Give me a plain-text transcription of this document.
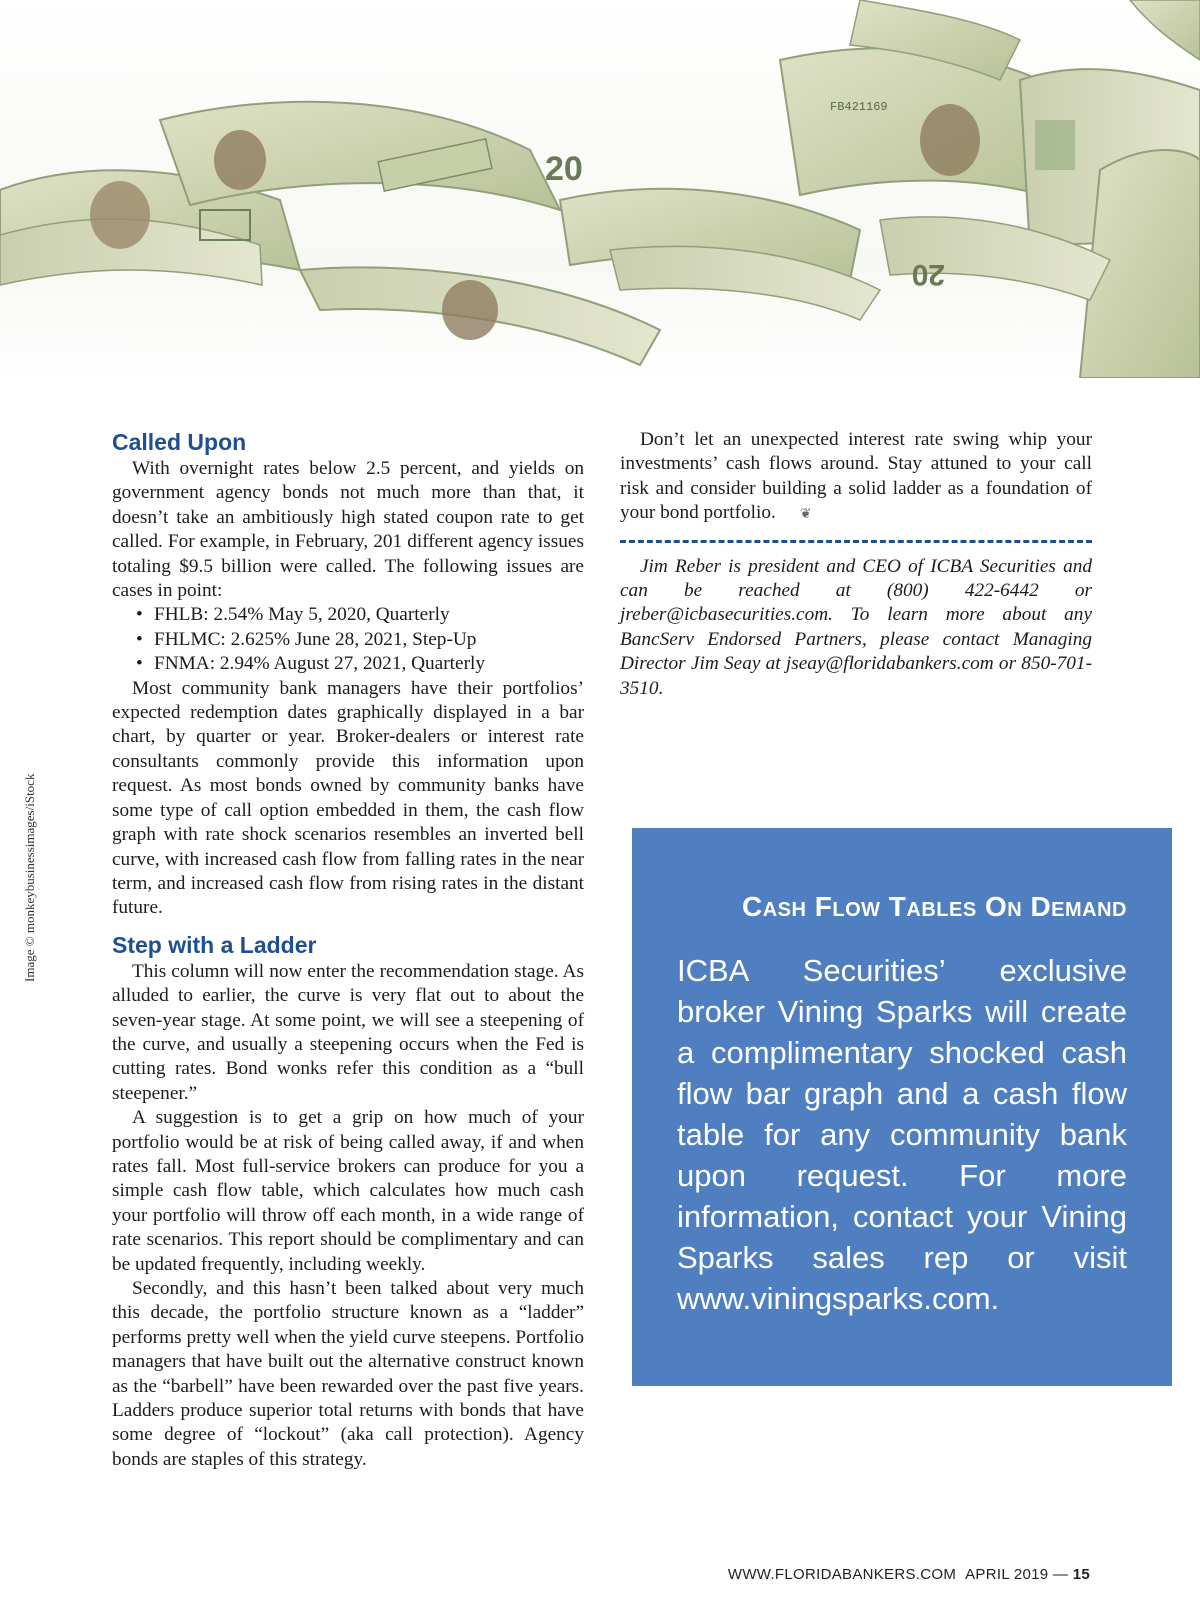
20
FB421169
20
Image © monkeybusinessimages/iStock
Called Upon

With overnight rates below 2.5 percent, and yields on government agency bonds not much more than that, it doesn’t take an ambitiously high stated coupon rate to get called. For example, in February, 201 different agency issues totaling $9.5 billion were called. The following issues are cases in point:

• FHLB: 2.54% May 5, 2020, Quarterly
• FHLMC: 2.625% June 28, 2021, Step-Up
• FNMA: 2.94% August 27, 2021, Quarterly

Most community bank managers have their portfolios’ expected redemption dates graphically displayed in a bar chart, by quarter or year. Broker-dealers or interest rate consultants commonly provide this information upon request. As most bonds owned by community banks have some type of call option embedded in them, the cash flow graph with rate shock scenarios resembles an inverted bell curve, with increased cash flow from falling rates in the near term, and increased cash flow from rising rates in the distant future.

Step with a Ladder

This column will now enter the recommendation stage. As alluded to earlier, the curve is very flat out to about the seven-year stage. At some point, we will see a steepening of the curve, and usually a steepening occurs when the Fed is cutting rates. Bond wonks refer this condition as a “bull steepener.”

A suggestion is to get a grip on how much of your portfolio would be at risk of being called away, if and when rates fall. Most full-service brokers can produce for you a simple cash flow table, which calculates how much cash your portfolio will throw off each month, in a wide range of rate scenarios. This report should be complimentary and can be updated frequently, including weekly.

Secondly, and this hasn’t been talked about very much this decade, the portfolio structure known as a “ladder” performs pretty well when the yield curve steepens. Portfolio managers that have built out the alternative construct known as the “barbell” have been rewarded over the past five years. Ladders produce superior total returns with bonds that have some degree of “lockout” (aka call protection). Agency bonds are staples of this strategy.

Don’t let an unexpected interest rate swing whip your investments’ cash flows around. Stay attuned to your call risk and consider building a solid ladder as a foundation of your bond portfolio. ❦

Jim Reber is president and CEO of ICBA Securities and can be reached at (800) 422-6442 or jreber@icbasecurities.com. To learn more about any BancServ Endorsed Partners, please contact Managing Director Jim Seay at jseay@floridabankers.com or 850-701-3510.

Cash Flow Tables On Demand
ICBA Securities’ exclusive broker Vining Sparks will create a complimentary shocked cash flow bar graph and a cash flow table for any community bank upon request. For more information, contact your Vining Sparks sales rep or visit www.viningsparks.com.
WWW.FLORIDABANKERS.COM APRIL 2019 — 15
